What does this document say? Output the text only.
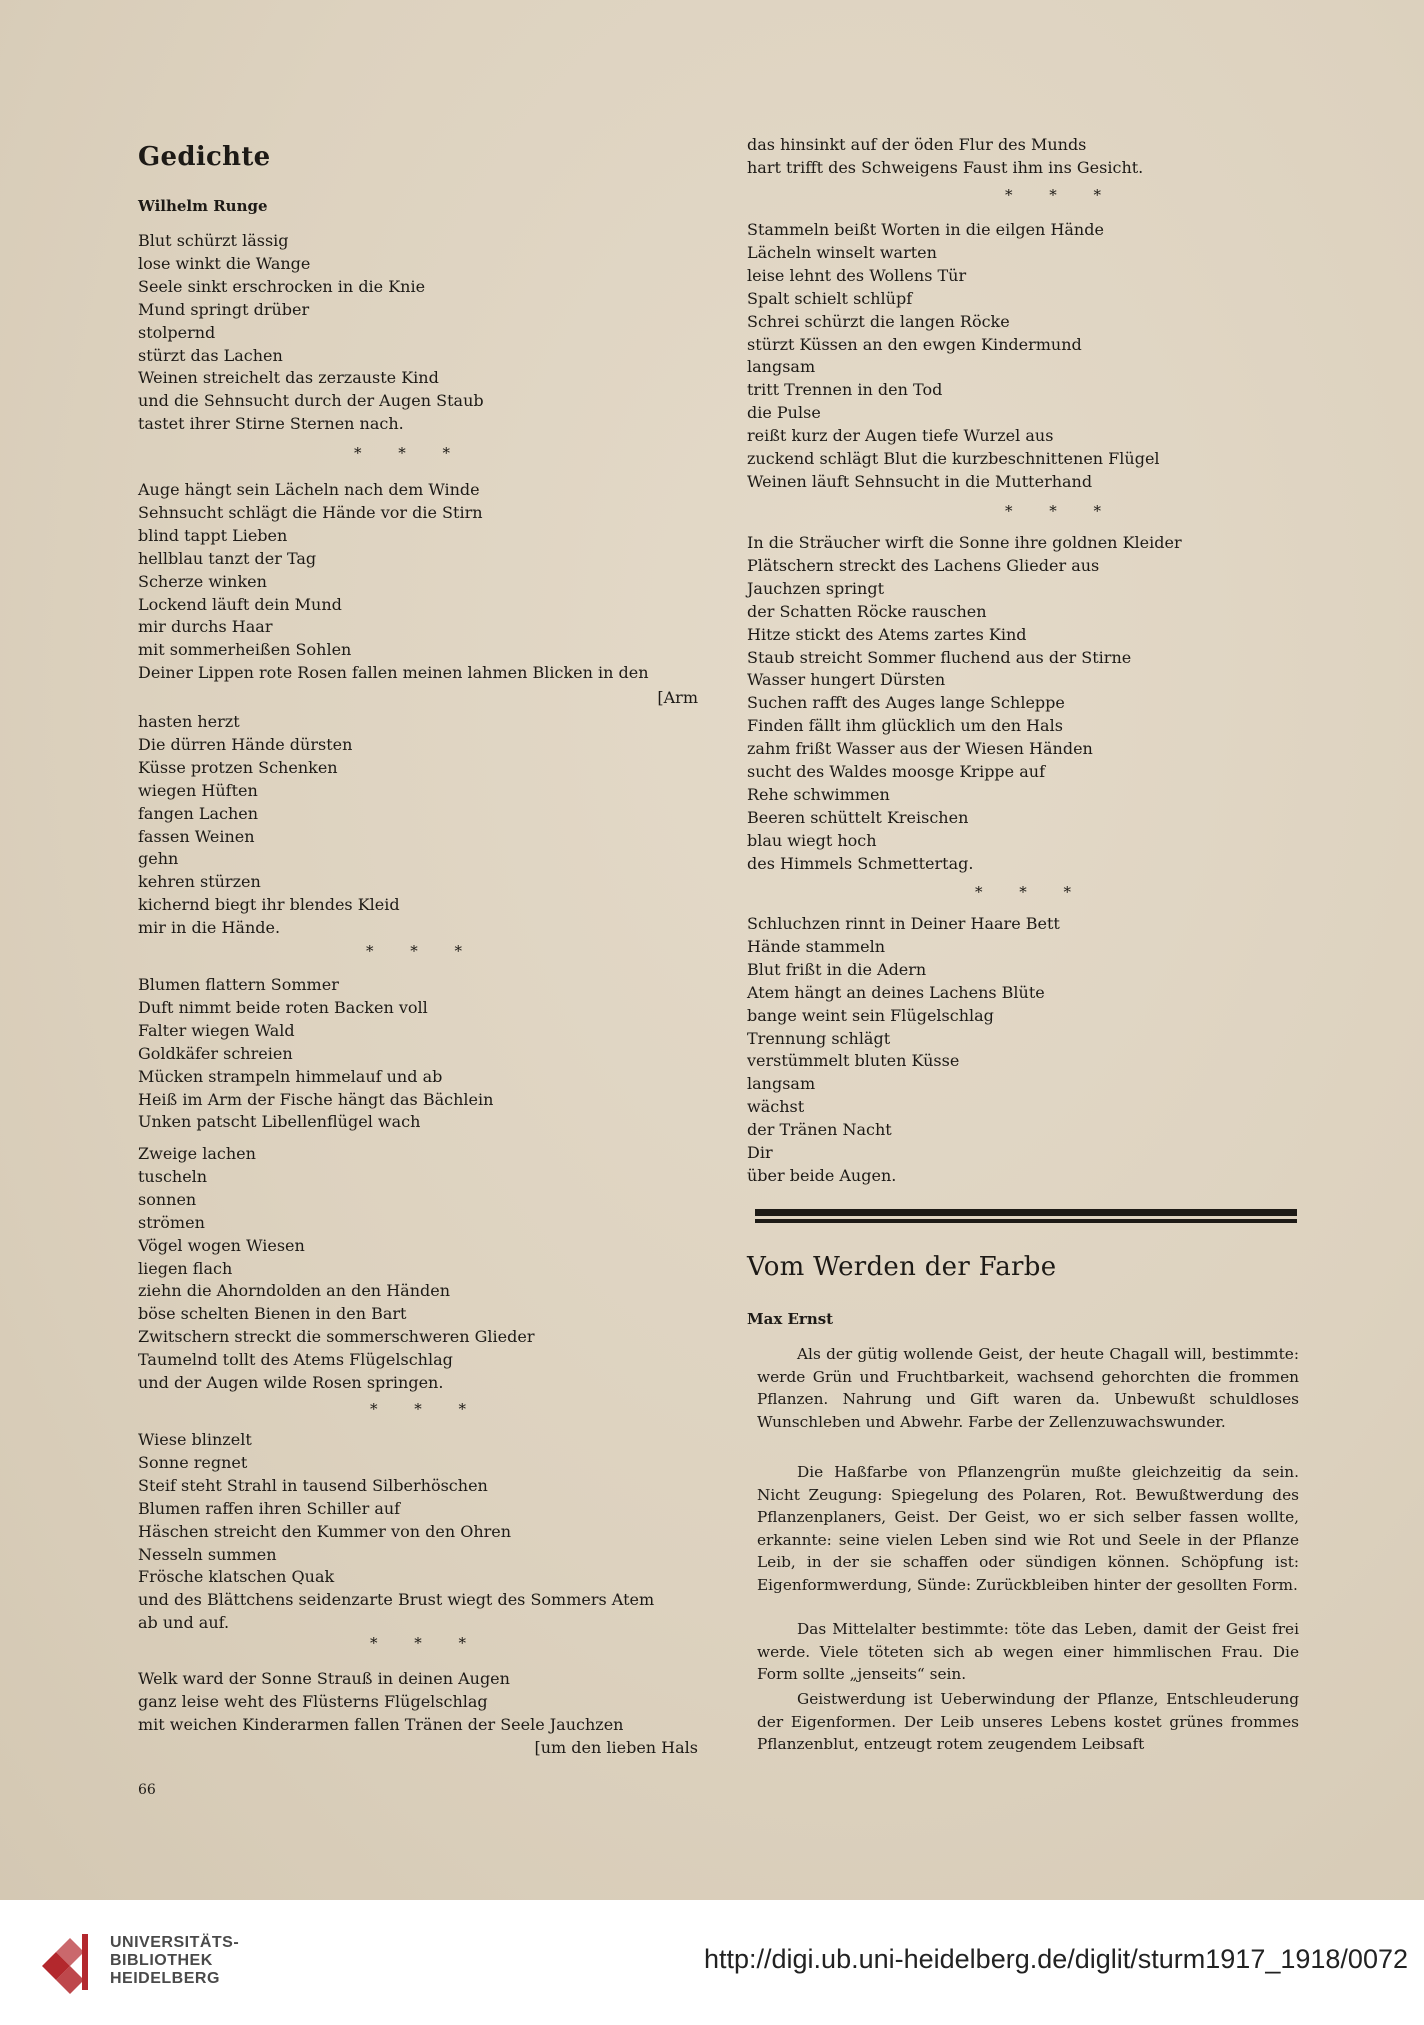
Gedichte
Wilhelm Runge
Blut schürzt lässig
lose winkt die Wange
Seele sinkt erschrocken in die Knie
Mund springt drüber
stolpernd
stürzt das Lachen
Weinen streichelt das zerzauste Kind
und die Sehnsucht durch der Augen Staub
tastet ihrer Stirne Sternen nach.
* * *
Auge hängt sein Lächeln nach dem Winde
Sehnsucht schlägt die Hände vor die Stirn
blind tappt Lieben
hellblau tanzt der Tag
Scherze winken
Lockend läuft dein Mund
mir durchs Haar
mit sommerheißen Sohlen
Deiner Lippen rote Rosen fallen meinen lahmen Blicken in den
[Arm
hasten herzt
Die dürren Hände dürsten
Küsse protzen Schenken
wiegen Hüften
fangen Lachen
fassen Weinen
gehn
kehren stürzen
kichernd biegt ihr blendes Kleid
mir in die Hände.
* * *
Blumen flattern Sommer
Duft nimmt beide roten Backen voll
Falter wiegen Wald
Goldkäfer schreien
Mücken strampeln himmelauf und ab
Heiß im Arm der Fische hängt das Bächlein
Unken patscht Libellenflügel wach
Zweige lachen
tuscheln
sonnen
strömen
Vögel wogen Wiesen
liegen flach
ziehn die Ahorndolden an den Händen
böse schelten Bienen in den Bart
Zwitschern streckt die sommerschweren Glieder
Taumelnd tollt des Atems Flügelschlag
und der Augen wilde Rosen springen.
* * *
Wiese blinzelt
Sonne regnet
Steif steht Strahl in tausend Silberhöschen
Blumen raffen ihren Schiller auf
Häschen streicht den Kummer von den Ohren
Nesseln summen
Frösche klatschen Quak
und des Blättchens seidenzarte Brust wiegt des Sommers Atem
ab und auf.
* * *
Welk ward der Sonne Strauß in deinen Augen
ganz leise weht des Flüsterns Flügelschlag
mit weichen Kinderarmen fallen Tränen der Seele Jauchzen
[um den lieben Hals
66
das hinsinkt auf der öden Flur des Munds
hart trifft des Schweigens Faust ihm ins Gesicht.
* * *
Stammeln beißt Worten in die eilgen Hände
Lächeln winselt warten
leise lehnt des Wollens Tür
Spalt schielt schlüpf
Schrei schürzt die langen Röcke
stürzt Küssen an den ewgen Kindermund
langsam
tritt Trennen in den Tod
die Pulse
reißt kurz der Augen tiefe Wurzel aus
zuckend schlägt Blut die kurzbeschnittenen Flügel
Weinen läuft Sehnsucht in die Mutterhand
* * *
In die Sträucher wirft die Sonne ihre goldnen Kleider
Plätschern streckt des Lachens Glieder aus
Jauchzen springt
der Schatten Röcke rauschen
Hitze stickt des Atems zartes Kind
Staub streicht Sommer fluchend aus der Stirne
Wasser hungert Dürsten
Suchen rafft des Auges lange Schleppe
Finden fällt ihm glücklich um den Hals
zahm frißt Wasser aus der Wiesen Händen
sucht des Waldes moosge Krippe auf
Rehe schwimmen
Beeren schüttelt Kreischen
blau wiegt hoch
des Himmels Schmettertag.
* * *
Schluchzen rinnt in Deiner Haare Bett
Hände stammeln
Blut frißt in die Adern
Atem hängt an deines Lachens Blüte
bange weint sein Flügelschlag
Trennung schlägt
verstümmelt bluten Küsse
langsam
wächst
der Tränen Nacht
Dir
über beide Augen.
Vom Werden der Farbe
Max Ernst
Als der gütig wollende Geist, der heute Chagall will, bestimmte: werde Grün und Fruchtbarkeit, wachsend gehorchten die frommen Pflanzen. Nahrung und Gift waren da. Unbewußt schuldloses Wunschleben und Abwehr. Farbe der Zellenzuwachswunder.
Die Haßfarbe von Pflanzengrün mußte gleichzeitig da sein. Nicht Zeugung: Spiegelung des Polaren, Rot. Bewußtwerdung des Pflanzenplaners, Geist. Der Geist, wo er sich selber fassen wollte, erkannte: seine vielen Leben sind wie Rot und Seele in der Pflanze Leib, in der sie schaffen oder sündigen können. Schöpfung ist: Eigenformwerdung, Sünde: Zurückbleiben hinter der gesollten Form.
Das Mittelalter bestimmte: töte das Leben, damit der Geist frei werde. Viele töteten sich ab wegen einer himmlischen Frau. Die Form sollte „jenseits“ sein.
Geistwerdung ist Ueberwindung der Pflanze, Entschleuderung der Eigenformen. Der Leib unseres Lebens kostet grünes frommes Pflanzenblut, entzeugt rotem zeugendem Leibsaft
UNIVERSITÄTS-
BIBLIOTHEK
HEIDELBERG
http://digi.ub.uni-heidelberg.de/diglit/sturm1917_1918/0072
